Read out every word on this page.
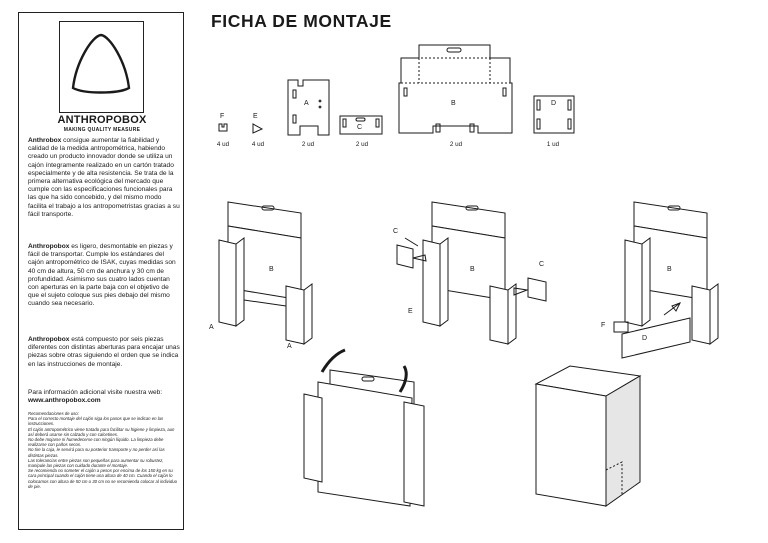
ANTHROPOBOX
MAKING QUALITY MEASURE

Anthrobox consigue aumentar la fiabilidad y calidad de la medida antropométrica, habiendo creado un producto innovador donde se utiliza un cajón íntegramente realizado en un cartón tratado especialmente y de alta resistencia. Se trata de la primera alternativa ecológica del mercado que cumple con las especificaciones funcionales para las que ha sido concebido, y del mismo modo facilita el trabajo a los antropometristas gracias a su fácil transporte.

Anthropobox es ligero, desmontable en piezas y fácil de transportar. Cumple los estándares del cajón antropométrico de ISAK, cuyas medidas son 40 cm de altura, 50 cm de anchura y 30 cm de profundidad. Asimismo sus cuatro lados cuentan con aperturas en la parte baja con el objetivo de que el sujeto coloque sus pies debajo del mismo cuando sea necesario.

Anthropobox está compuesto por seis piezas diferentes con distintas aberturas para encajar unas piezas sobre otras siguiendo el orden que se indica en las instrucciones de montaje.

Para información adicional visite nuestra web: www.anthropobox.com

Recomendaciones de uso:
Para el correcto montaje del cajón siga los pasos que se indican en las instrucciones.
El cajón antropométrico viene tratado para facilitar su higiene y limpieza, aun así deberá usarse sin calzado y con calcetines.
No debe mojarse ni humedecerse con ningún líquido. La limpieza debe realizarse con paños secos.
No tire la caja, le servirá para su posterior transporte y no perder así las distintas piezas.
Las tolerancias entre piezas son pequeñas para aumentar su robustez, manipule las piezas con cuidado durante el montaje.
Se recomienda no someter el cajón a pesos por encima de los 150 kg en su cara principal cuando el cajón tiene una altura de 40 cm. Cuando el cajón lo colocamos con altura de 50 cm o 30 cm no se recomienda colocar al individuo de pie.
FICHA DE MONTAJE
F	E
A
C
B	D
4 ud	4 ud	2 ud	2 ud	2 ud	1 ud
B
A
A
C
C
B
E
B
F
D
